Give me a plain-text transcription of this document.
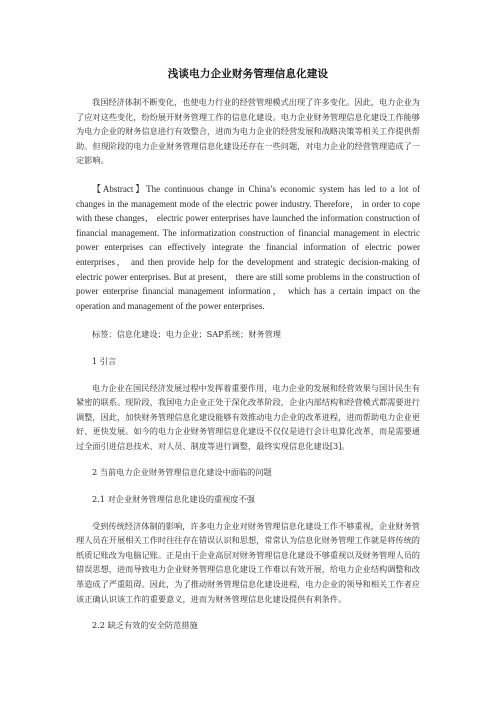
浅谈电力企业财务管理信息化建设

我国经济体制不断变化，也使电力行业的经营管理模式出现了许多变化。因此，电力企业为了应对这些变化，纷纷展开财务管理工作的信息化建设。电力企业财务管理信息化建设工作能够为电力企业的财务信息进行有效整合，进而为电力企业的经营发展和战略决策等相关工作提供帮助。但现阶段的电力企业财务管理信息化建设还存在一些问题，对电力企业的经营管理造成了一定影响。

【Abstract】The continuous change in China’s economic system has led to a lot of changes in the management mode of the electric power industry. Therefore， in order to cope with these changes， electric power enterprises have launched the information construction of financial management. The informatization construction of financial management in electric power enterprises can effectively integrate the financial information of electric power enterprises， and then provide help for the development and strategic decision-making of electric power enterprises. But at present， there are still some problems in the construction of power enterprise financial management information， which has a certain impact on the operation and management of the power enterprises.

标签：信息化建设；电力企业；SAP系统；财务管理

1 引言

电力企业在国民经济发展过程中发挥着重要作用，电力企业的发展和经营效果与国计民生有紧密的联系。现阶段，我国电力企业正处于深化改革阶段，企业内部结构和经营模式都需要进行调整，因此，加快财务管理信息化建设能够有效推动电力企业的改革进程，进而帮助电力企业更好、更快发展。如今的电力企业财务管理信息化建设不仅仅是进行会计电算化改革，而是需要通过全面引进信息技术、对人员、制度等进行调整，最终实现信息化建设[3]。

2 当前电力企业财务管理信息化建设中面临的问题

2.1 对企业财务管理信息化建设的重视度不强

受到传统经济体制的影响，许多电力企业对财务管理信息化建设工作不够重视，企业财务管理人员在开展相关工作时往往存在错误认识和思想，常常认为信息化财务管理工作就是将传统的纸质记账改为电脑记账。正是由于企业高层对财务管理信息化建设不够重视以及财务管理人员的错误思想，进而导致电力企业财务管理信息化建设工作难以有效开展，给电力企业结构调整和改革造成了严重阻碍。因此，为了推动财务管理信息化建设进程，电力企业的领导和相关工作者应该正确认识该工作的重要意义，进而为财务管理信息化建设提供有利条件。

2.2 缺乏有效的安全防范措施
